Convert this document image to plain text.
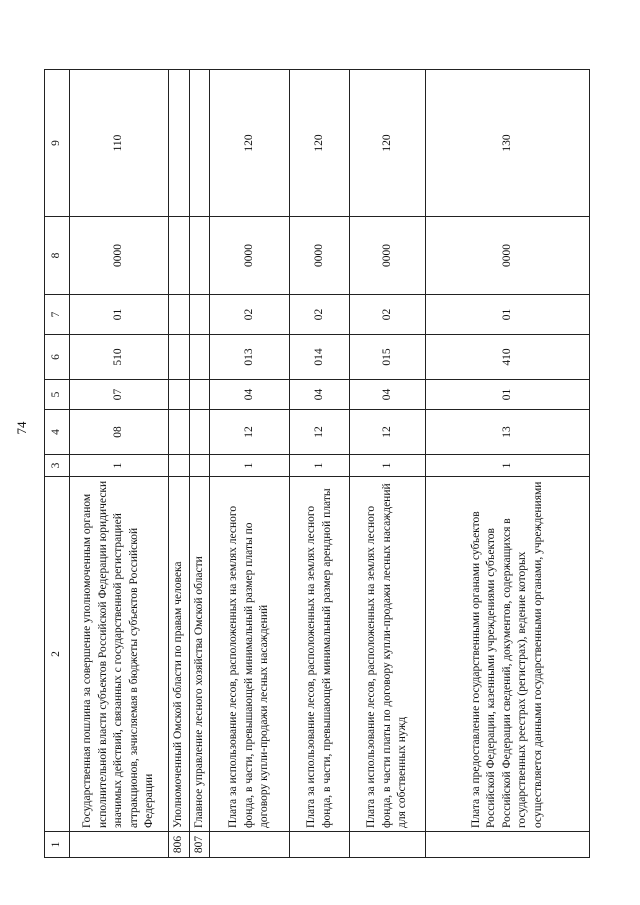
74
1	2	3	4	5	6	7	8	9
	Государственная пошлина за совершение уполномоченным органом исполнительной власти субъектов Российской Федерации юридически значимых действий, связанных с государственной регистрацией аттракционов, зачисляемая в бюджеты субъектов Российской Федерации	1	08	07	510	01	0000	110
806	Уполномоченный Омской области по правам человека							
807	Главное управление лесного хозяйства Омской области							
	Плата за использование лесов, расположенных на землях лесного фонда, в части, превышающей минимальный размер платы по договору купли-продажи лесных насаждений	1	12	04	013	02	0000	120
	Плата за использование лесов, расположенных на землях лесного фонда, в части, превышающей минимальный размер арендной платы	1	12	04	014	02	0000	120
	Плата за использование лесов, расположенных на землях лесного фонда, в части платы по договору купли-продажи лесных насаждений для собственных нужд	1	12	04	015	02	0000	120
	Плата за предоставление государственными органами субъектов Российской Федерации, казенными учреждениями субъектов Российской Федерации сведений, документов, содержащихся в государственных реестрах (регистрах), ведение которых осуществляется данными государственными органами, учреждениями	1	13	01	410	01	0000	130
